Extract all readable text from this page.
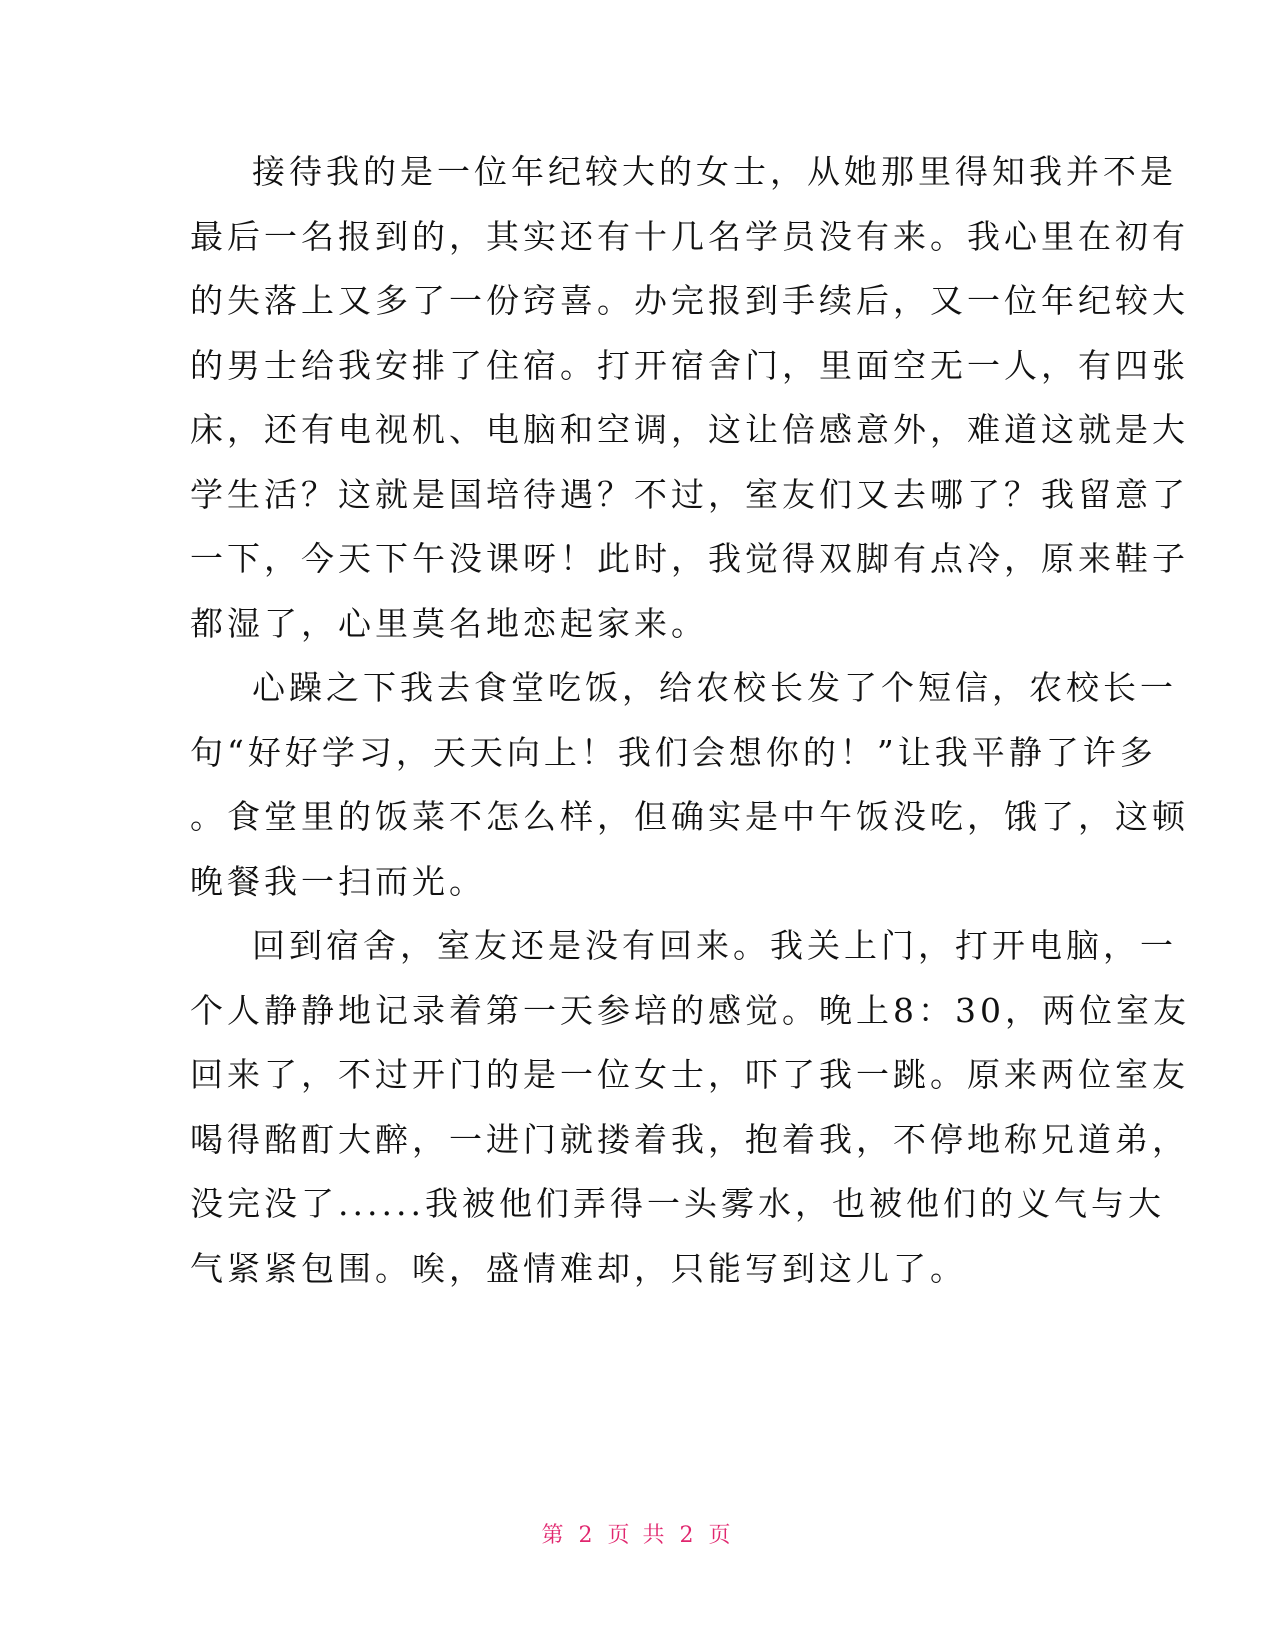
接待我的是一位年纪较大的女士，从她那里得知我并不是
最后一名报到的，其实还有十几名学员没有来。我心里在初有
的失落上又多了一份窍喜。办完报到手续后，又一位年纪较大
的男士给我安排了住宿。打开宿舍门，里面空无一人，有四张
床，还有电视机、电脑和空调，这让倍感意外，难道这就是大
学生活？这就是国培待遇？不过，室友们又去哪了？我留意了
一下，今天下午没课呀！此时，我觉得双脚有点冷，原来鞋子
都湿了，心里莫名地恋起家来。
心躁之下我去食堂吃饭，给农校长发了个短信，农校长一
句“好好学习，天天向上！我们会想你的！”让我平静了许多
。食堂里的饭菜不怎么样，但确实是中午饭没吃，饿了，这顿
晚餐我一扫而光。
回到宿舍，室友还是没有回来。我关上门，打开电脑，一
个人静静地记录着第一天参培的感觉。晚上8：30，两位室友
回来了，不过开门的是一位女士，吓了我一跳。原来两位室友
喝得酩酊大醉，一进门就搂着我，抱着我，不停地称兄道弟，
没完没了......我被他们弄得一头雾水，也被他们的义气与大
气紧紧包围。唉，盛情难却，只能写到这儿了。
第 2 页 共 2 页
